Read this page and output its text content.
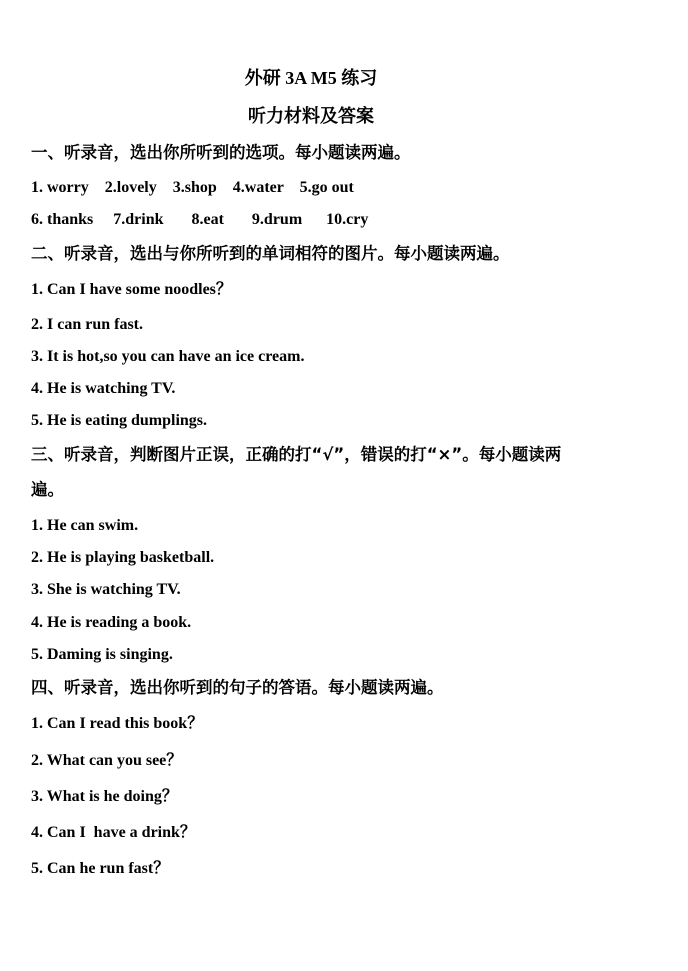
外研 3A M5 练习
听力材料及答案
一、听录音，选出你所听到的选项。每小题读两遍。
1. worry    2.lovely    3.shop    4.water    5.go out
6. thanks     7.drink       8.eat       9.drum      10.cry
二、听录音，选出与你所听到的单词相符的图片。每小题读两遍。
1. Can I have some noodles？
2. I can run fast.
3. It is hot,so you can have an ice cream.
4. He is watching TV.
5. He is eating dumplings.
三、听录音，判断图片正误，正确的打“√”，错误的打“×”。每小题读两遍。
1. He can swim.
2. He is playing basketball.
3. She is watching TV.
4. He is reading a book.
5. Daming is singing.
四、听录音，选出你听到的句子的答语。每小题读两遍。
1. Can I read this book？
2. What can you see？
3. What is he doing？
4. Can I  have a drink？
5. Can he run fast？
